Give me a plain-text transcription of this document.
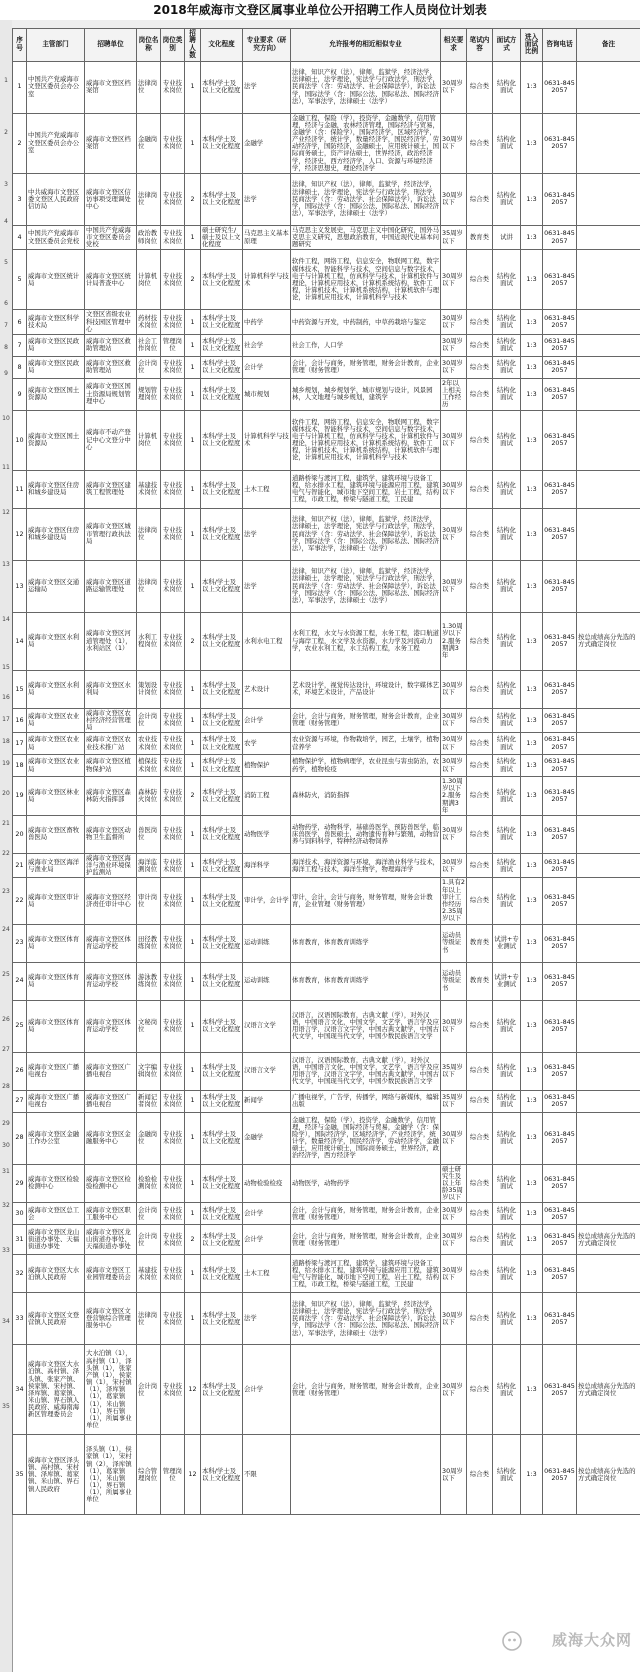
2018年威海市文登区属事业单位公开招聘工作人员岗位计划表
1
2
3
4
5
6
7
8
9
10
11
12
13
14
15
16
17
18
19
20
21
22
23
24
25
26
27
28
29
30
31
32
33
34
35
序号	主管部门	招聘单位	岗位名称	岗位类别	招聘人数	文化程度	专业要求（研究方向）	允许报考的相近相似专业	相关要求	笔试内容	面试方式	进入面试比例	咨询电话	备注
1	中国共产党威海市文登区委员会办公室	威海市文登区档案馆	法律岗位	专业技术岗位	1	本科/学士及以上文化程度	法学	法律，知识产权（法），律师，监狱学，经济法学，法律硕士，法学理论，宪法学与行政法学，刑法学，民商法学（含：劳动法学、社会保障法学），诉讼法学，国际法学（含：国际公法、国际私法、国际经济法），军事法学，法律硕士（法学）	30周岁以下	综合类	结构化面试	1:3	0631-8452057	
2	中国共产党威海市文登区委员会办公室	威海市文登区档案馆	金融岗位	专业技术岗位	1	本科/学士及以上文化程度	金融学	金融工程，保险（学），投资学，金融数学，信用管理，经济与金融，农林经济管理，国际经济与贸易，金融学（含：保险学），国际经济学，区域经济学，产业经济学，统计学，数量经济学，国民经济学，劳动经济学，国防经济，金融硕士，应用统计硕士，国际商务硕士，资产评估硕士，世界经济，政治经济学，经济史，西方经济学，人口、资源与环境经济学，经济思想史，理论经济学	30周岁以下	综合类	结构化面试	1:3	0631-8452057	
3	中共威海市文登区委文登区人民政府信访局	威海市文登区信访事项受理调处中心	法律岗位	专业技术岗位	2	本科/学士及以上文化程度	法学	法律，知识产权（法），律师，监狱学，经济法学，法律硕士，法学理论，宪法学与行政法学，刑法学，民商法学（含：劳动法学、社会保障法学），诉讼法学，国际法学（含：国际公法、国际私法、国际经济法），军事法学，法律硕士（法学）	30周岁以下	综合类	结构化面试	1:3	0631-8452057	
4	中国共产党威海市文登区委员会党校	中国共产党威海市文登区委员会党校	政治教师岗位	专业技术岗位	1	硕士研究生/硕士及以上文化程度	马克思主义基本原理	马克思主义发展史，马克思主义中国化研究，国外马克思主义研究，思想政治教育，中国近现代史基本问题研究	35周岁以下	教育类	试讲	1:3	0631-8452057	
5	威海市文登区统计局	威海市文登区统计局普查中心	计算机岗位	专业技术岗位	2	本科/学士及以上文化程度	计算机科学与技术	软件工程，网络工程，信息安全，物联网工程，数字媒体技术，智能科学与技术，空间信息与数字技术，电子与计算机工程，仿真科学与技术，计算机软件与理论，计算机应用技术，计算机系统结构，软件工程，计算机技术，计算机系统结构，计算机软件与理论，计算机应用技术，计算机科学与技术	30周岁以下	综合类	结构化面试	1:3	0631-8452057	
6	威海市文登区科学技术局	文登区省级农业科技园区管理中心	药材技术岗位	专业技术岗位	1	本科/学士及以上文化程度	中药学	中药资源与开发，中药制药，中草药栽培与鉴定	30周岁以下	综合类	结构化面试	1:3	0631-8452057	
7	威海市文登区民政局	威海市文登区救助管理站	社会工作岗位	管理岗位	1	本科/学士及以上文化程度	社会学	社会工作，人口学	30周岁以下	综合类	结构化面试	1:3	0631-8452057	
8	威海市文登区民政局	威海市文登区救助管理站	会计岗位	专业技术岗位	1	本科/学士及以上文化程度	会计学	会计，会计与商务，财务管理，财务会计教育，企业管理（财务管理）	30周岁以下	综合类	结构化面试	1:3	0631-8452057	
9	威海市文登区国土资源局	威海市文登区国土资源局规划管理中心	规划管理岗位	专业技术岗位	1	本科/学士及以上文化程度	城市规划	城乡规划，城乡规划学，城市规划与设计，风景园林，人文地理与城乡规划，建筑学	2年以上相关工作经历	综合类	结构化面试	1:3	0631-8452057	
10	威海市文登区国土资源局	威海市不动产登记中心文登分中心	计算机岗位	专业技术岗位	1	本科/学士及以上文化程度	计算机科学与技术	软件工程，网络工程，信息安全，物联网工程，数字媒体技术，智能科学与技术，空间信息与数字技术，电子与计算机工程，仿真科学与技术，计算机软件与理论，计算机应用技术，计算机系统结构，软件工程，计算机技术，计算机系统结构，计算机软件与理论，计算机应用技术，计算机科学与技术	30周岁以下	综合类	结构化面试	1:3	0631-8452057	
11	威海市文登区住房和城乡建设局	威海市文登区建筑工程管理处	基建技术岗位	专业技术岗位	1	本科/学士及以上文化程度	土木工程	道路桥梁与渡河工程，建筑学，建筑环境与设备工程，给水排水工程，建筑环境与能源应用工程，建筑电气与智能化，城市地下空间工程，岩土工程，结构工程，市政工程，桥梁与隧道工程，工民建	30周岁以下	综合类	结构化面试	1:3	0631-8452057	
12	威海市文登区住房和城乡建设局	威海市文登区城市管理行政执法局	法律岗位	专业技术岗位	1	本科/学士及以上文化程度	法学	法律，知识产权（法），律师，监狱学，经济法学，法律硕士，法学理论，宪法学与行政法学，刑法学，民商法学（含：劳动法学、社会保障法学），诉讼法学，国际法学（含：国际公法、国际私法、国际经济法），军事法学，法律硕士（法学）	30周岁以下	综合类	结构化面试	1:3	0631-8452057	
13	威海市文登区交通运输局	威海市文登区道路运输管理处	法律岗位	专业技术岗位	1	本科/学士及以上文化程度	法学	法律，知识产权（法），律师，监狱学，经济法学，法律硕士，法学理论，宪法学与行政法学，刑法学，民商法学（含：劳动法学、社会保障法学），诉讼法学，国际法学（含：国际公法、国际私法、国际经济法），军事法学，法律硕士（法学）	30周岁以下	综合类	结构化面试	1:3	0631-8452057	
14	威海市文登区水利局	威海市文登区河道管理处（1），水利站区（1）	水利工程岗位	专业技术岗位	2	本科/学士及以上文化程度	水利水电工程	水利工程，水文与水资源工程，水务工程，港口航道与海岸工程，水文学及水资源，水力学及河流动力学，农业水利工程，水工结构工程，水务工程	1.30周岁以下 2.服务期满3年	综合类	结构化面试	1:3	0631-8452057	按总成绩高分先选的方式确定岗位
15	威海市文登区水利局	威海市文登区水利局	策划设计岗位	专业技术岗位	1	本科/学士及以上文化程度	艺术设计	艺术设计学，视觉传达设计，环境设计，数字媒体艺术，环境艺术设计，产品设计	30周岁以下	综合类	结构化面试	1:3	0631-8452057	
16	威海市文登区农业局	威海市文登区农村经济经营管理局	会计岗位	专业技术岗位	1	本科/学士及以上文化程度	会计学	会计，会计与商务，财务管理，财务会计教育，企业管理（财务管理）	30周岁以下	综合类	结构化面试	1:3	0631-8452057	
17	威海市文登区农业局	威海市文登区农业技术推广站	农业技术岗位	专业技术岗位	1	本科/学士及以上文化程度	农学	农业资源与环境，作物栽培学，园艺，土壤学，植物营养学	30周岁以下	综合类	结构化面试	1:3	0631-8452057	
18	威海市文登区农业局	威海市文登区植物保护站	植保技术岗位	专业技术岗位	1	本科/学士及以上文化程度	植物保护	植物保护学，植物病理学，农业昆虫与害虫防治，农药学，植物检疫	30周岁以下	综合类	结构化面试	1:3	0631-8452057	
19	威海市文登区林业局	威海市文登区森林防火指挥部	森林防火岗位	专业技术岗位	2	本科/学士及以上文化程度	消防工程	森林防火，消防指挥	1.30周岁以下 2.服务期满3年	综合类	结构化面试	1:3	0631-8452057	
20	威海市文登区畜牧兽医局	威海市文登区动物卫生监督所	兽医岗位	专业技术岗位	1	本科/学士及以上文化程度	动物医学	动物药学，动物科学，基础兽医学，预防兽医学，临床兽医学，兽医硕士，动物遗传育种与繁殖，动物营养与饲料科学，特种经济动物饲养	30周岁以下	综合类	结构化面试	1:3	0631-8452057	
21	威海市文登区海洋与渔业局	威海市文登区海洋与渔业环境保护监测站	海洋监测岗位	专业技术岗位	1	本科/学士及以上文化程度	海洋科学	海洋技术，海洋资源与环境，海洋渔业科学与技术，海洋工程与技术，海洋生物学，物理海洋学	30周岁以下	综合类	结构化面试	1:3	0631-8452057	
22	威海市文登区审计局	威海市文登区经济责任审计中心	审计岗位	专业技术岗位	1	本科/学士及以上文化程度	审计学，会计学	审计，会计，会计与商务，财务管理，财务会计教育，企业管理（财务管理）	1.具有2年以上审计工作经历 2.35周岁以下	综合类	结构化面试	1:3	0631-8452057	
23	威海市文登区体育局	威海市文登区体育运动学校	田径教练岗位	专业技术岗位	1	本科/学士及以上文化程度	运动训练	体育教育，体育教育训练学	运动员等级证书	教育类	试讲+专业测试	1:3	0631-8452057	
24	威海市文登区体育局	威海市文登区体育运动学校	游泳教练岗位	专业技术岗位	1	本科/学士及以上文化程度	运动训练	体育教育，体育教育训练学	运动员等级证书	教育类	试讲+专业测试	1:3	0631-8452057	
25	威海市文登区体育局	威海市文登区体育运动学校	文秘岗位	专业技术岗位	1	本科/学士及以上文化程度	汉语言文学	汉语言，汉语国际教育，古典文献（学），对外汉语，中国语言文化，中国文学，文艺学，语言学及应用语言学，汉语言文字学，中国古典文献学，中国古代文学，中国现当代文学，中国少数民族语言文学	30周岁以下	综合类	结构化面试	1:3	0631-8452057	
26	威海市文登区广播电视台	威海市文登区广播电视台	文字编辑岗位	专业技术岗位	1	本科/学士及以上文化程度	汉语言文学	汉语言，汉语国际教育，古典文献（学），对外汉语，中国语言文化，中国文学，文艺学，语言学及应用语言学，汉语言文字学，中国古典文献学，中国古代文学，中国现当代文学，中国少数民族语言文学	35周岁以下	综合类	结构化面试	1:3	0631-8452057	
27	威海市文登区广播电视台	威海市文登区广播电视台	新闻记者岗位	专业技术岗位	1	本科/学士及以上文化程度	新闻学	广播电视学，广告学，传播学，网络与新媒体，编辑出版	35周岁以下	综合类	结构化面试	1:3	0631-8452057	
28	威海市文登区金融工作办公室	威海市文登区金融服务中心	金融岗位	专业技术岗位	1	本科/学士及以上文化程度	金融学	金融工程，保险（学），投资学，金融数学，信用管理，经济与金融，国际经济与贸易，金融学（含：保险学），国际经济学，区域经济学，产业经济学，统计学，数量经济学，国民经济学，劳动经济学，金融硕士，应用统计硕士，国际商务硕士，世界经济，政治经济学，西方经济学	30周岁以下	综合类	结构化面试	1:3	0631-8452057	
29	威海市文登区检验检测中心	威海市文登区检验检测中心	检验检测岗位	专业技术岗位	1	本科/学士及以上文化程度	动物检验检疫	动物医学，动物药学	硕士研究生及以上年龄35周岁以下	综合类	结构化面试	1:3	0631-8452057	
30	威海市文登区总工会	威海市文登区职工服务中心	会计岗位	专业技术岗位	1	本科/学士及以上文化程度	会计学	会计，会计与商务，财务管理，财务会计教育，企业管理（财务管理）	30周岁以下	综合类	结构化面试	1:3	0631-8452057	
31	威海市文登区龙山街道办事处、天福街道办事处	威海市文登区龙山街道办事处、天福街道办事处	会计岗位	专业技术岗位	2	本科/学士及以上文化程度	会计学	会计，会计与商务，财务管理，财务会计教育，企业管理（财务管理）	30周岁以下	综合类	结构化面试	1:3	0631-8452057	按总成绩高分先选的方式确定岗位
32	威海市文登区大水泊镇人民政府	威海市文登区工业园管理委员会	基建技术岗位	专业技术岗位	1	本科/学士及以上文化程度	土木工程	道路桥梁与渡河工程，建筑学，建筑环境与设备工程，给水排水工程，建筑环境与能源应用工程，建筑电气与智能化，城市地下空间工程，岩土工程，结构工程，市政工程，桥梁与隧道工程，工民建	30周岁以下	综合类	结构化面试	1:3	0631-8452057	
33	威海市文登区文登营镇人民政府	威海市文登区文登营镇综合管理服务中心	法律岗位	专业技术岗位	1	本科/学士及以上文化程度	法学	法律，知识产权（法），律师，监狱学，经济法学，法律硕士，法学理论，宪法学与行政法学，刑法学，民商法学（含：劳动法学、社会保障法学），诉讼法学，国际法学（含：国际公法、国际私法、国际经济法），军事法学，法律硕士（法学）	30周岁以下	综合类	结构化面试	1:3	0631-8452057	
34	威海市文登区大水泊镇、高村镇、泽头镇、张家产镇、侯家镇、宋村镇、泽库镇、葛家镇、米山镇、界石镇人民政府、威海南海新区管理委员会	大水泊镇（1），高村镇（1），泽头镇（1），张家产镇（1），侯家镇（1），宋村镇（1），泽库镇（1），葛家镇（1），米山镇（1），界石镇（1），所属事业单位	会计岗位	专业技术岗位	12	本科/学士及以上文化程度	会计学	会计，会计与商务，财务管理，财务会计教育，企业管理（财务管理）	30周岁以下	综合类	结构化面试	1:3	0631-8452057	按总成绩高分先选的方式确定岗位
35	威海市文登区泽头镇、高村镇、宋村镇、泽库镇、葛家镇、米山镇、界石镇人民政府	泽头镇（1），侯家镇（1），宋村镇（2），泽库镇（1），葛家镇（1），米山镇（1），界石镇（1），所属事业单位	综合管理岗位	管理岗位	12	本科/学士及以上文化程度	不限		30周岁以下	综合类	结构化面试	1:3	0631-8452057	按总成绩高分先选的方式确定岗位
威海大众网
